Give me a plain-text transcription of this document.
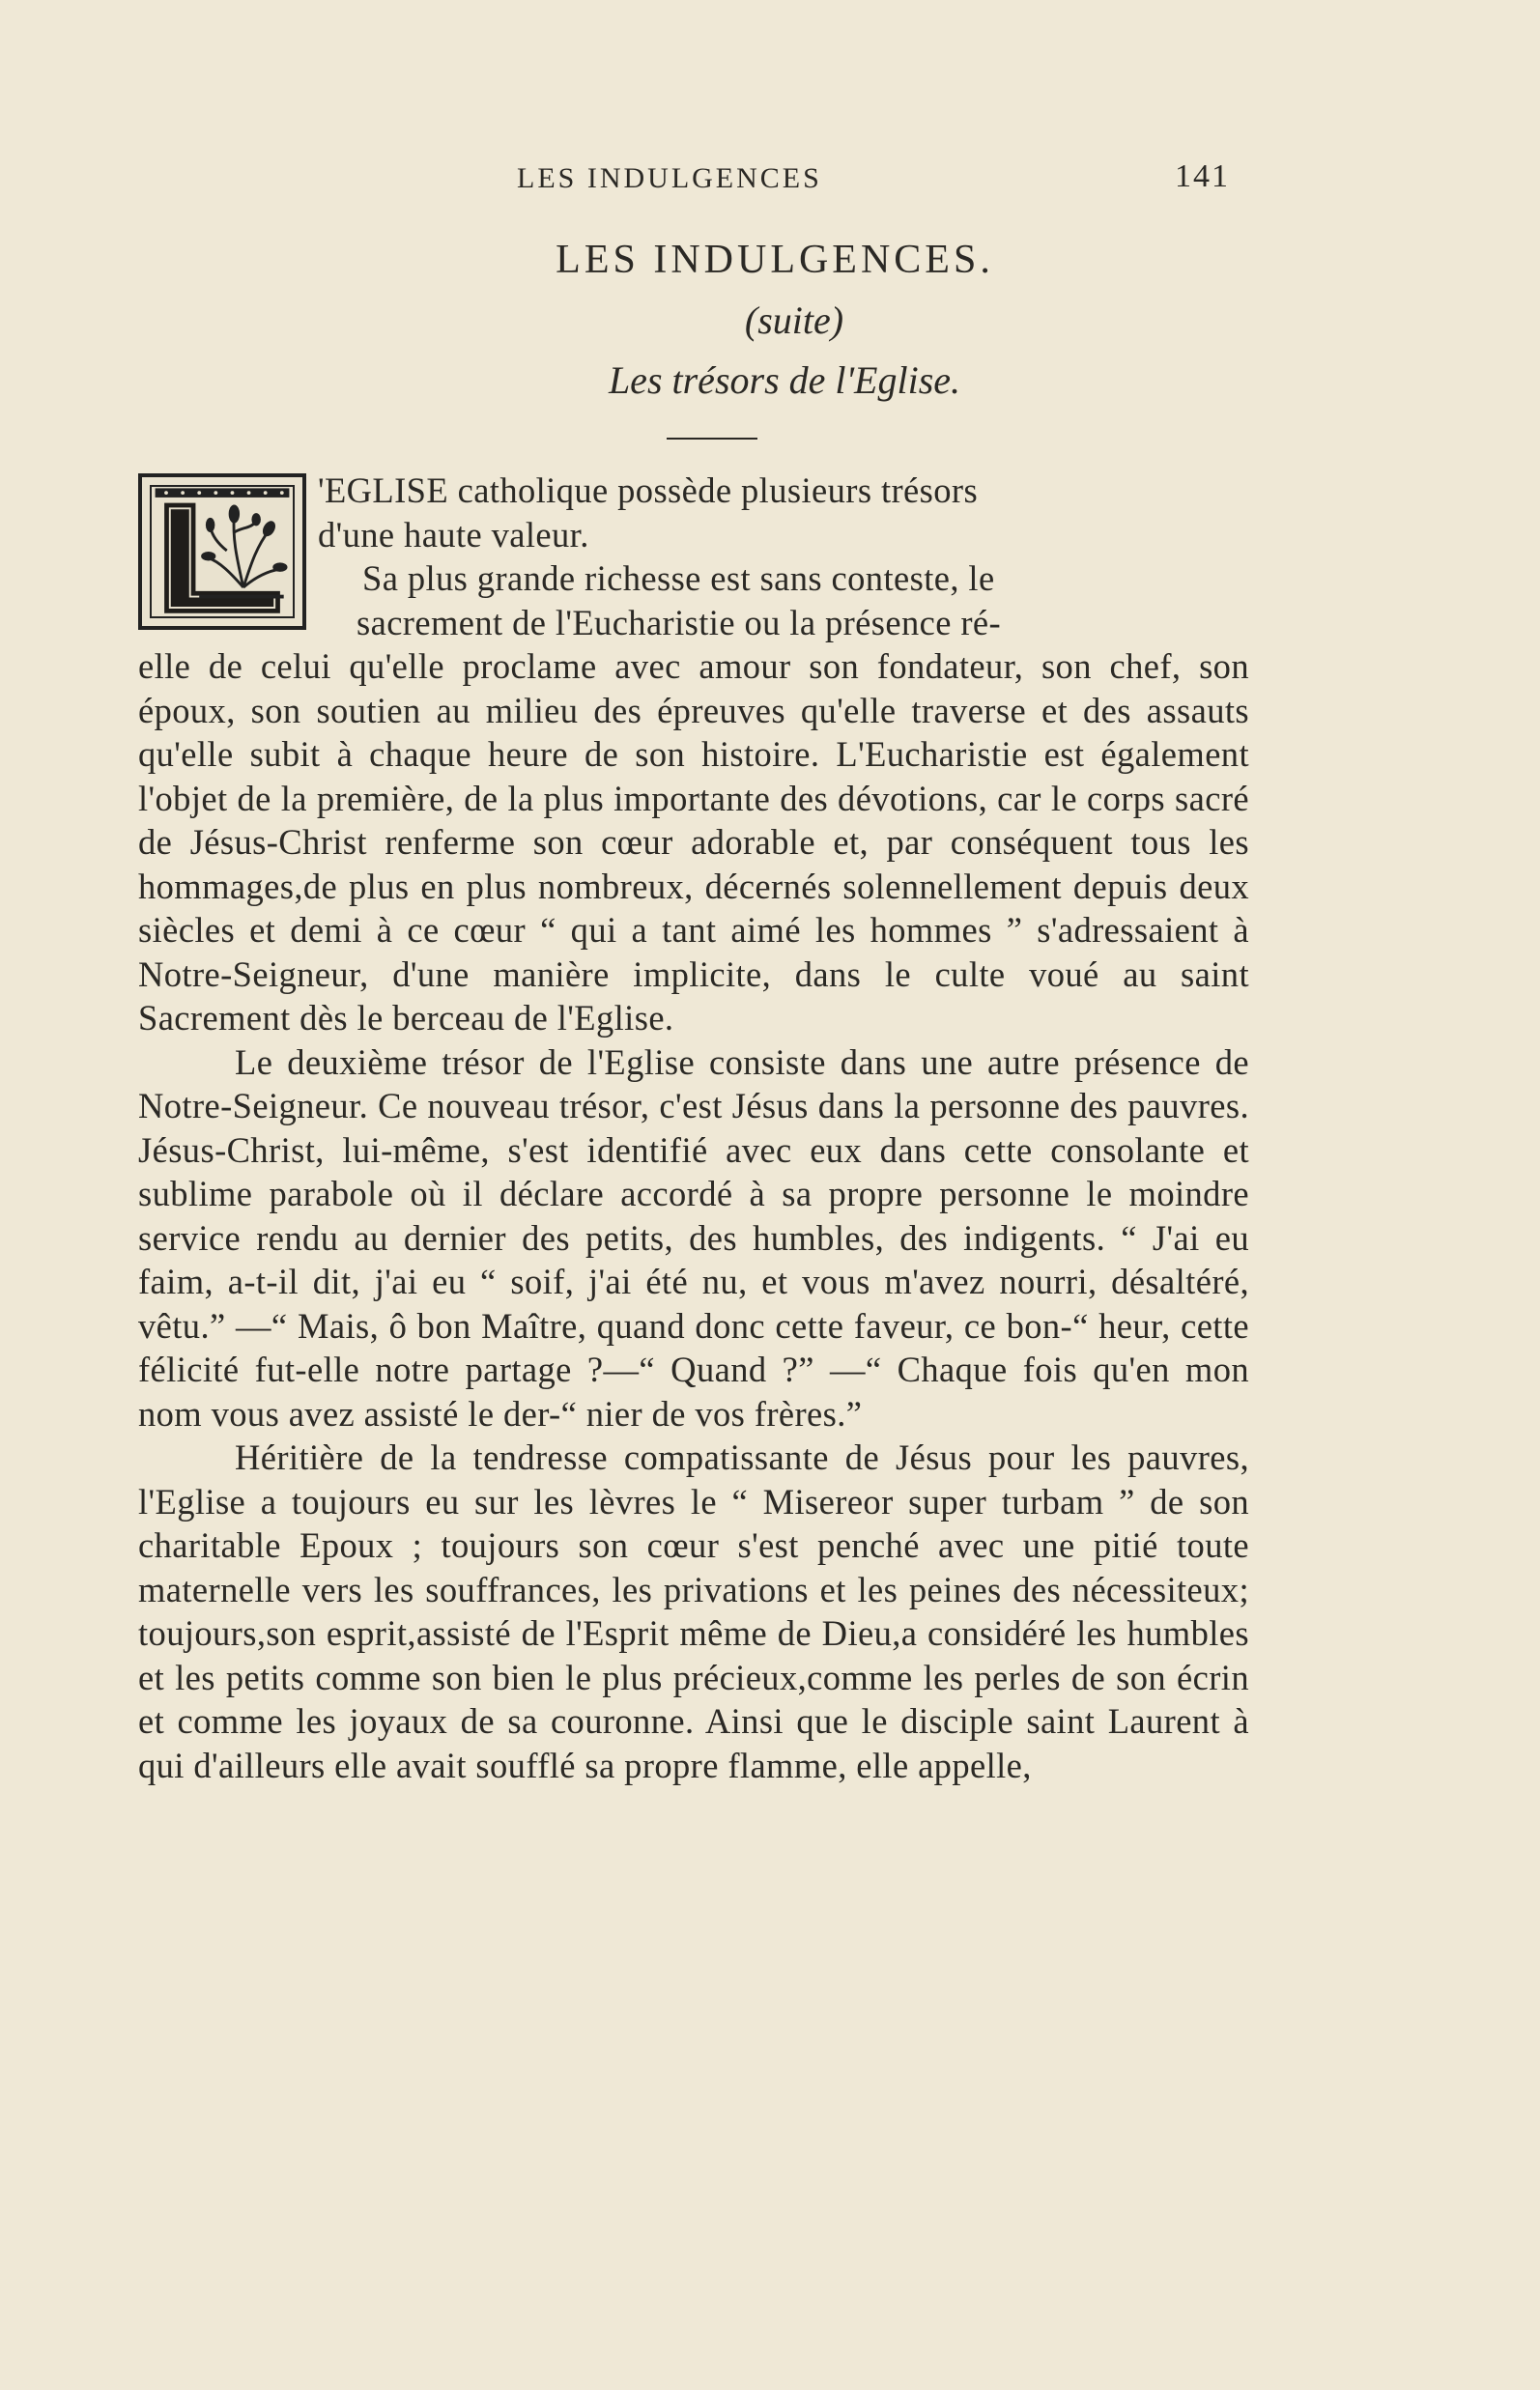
LES INDULGENCES	141
LES INDULGENCES.
(suite)
Les trésors de l'Eglise.

'EGLISE catholique possède plusieurs trésors

d'une haute valeur.

Sa plus grande richesse est sans conteste, le

sacrement de l'Eucharistie ou la présence ré-

elle de celui qu'elle proclame avec amour son fondateur, son chef, son époux, son soutien au milieu des épreuves qu'elle traverse et des assauts qu'elle subit à chaque heure de son histoire. L'Eucharistie est également l'objet de la première, de la plus importante des dévotions, car le corps sacré de Jésus-Christ renferme son cœur adorable et, par conséquent tous les hommages,de plus en plus nombreux, décernés solennellement depuis deux siècles et demi à ce cœur “ qui a tant aimé les hommes ” s'adressaient à Notre-Seigneur, d'une manière implicite, dans le culte voué au saint Sacrement dès le berceau de l'Eglise.

Le deuxième trésor de l'Eglise consiste dans une autre présence de Notre-Seigneur. Ce nouveau trésor, c'est Jésus dans la personne des pauvres. Jésus-Christ, lui-même, s'est identifié avec eux dans cette consolante et sublime parabole où il déclare accordé à sa propre personne le moindre service rendu au dernier des petits, des humbles, des indigents. “ J'ai eu faim, a-t-il dit, j'ai eu “ soif, j'ai été nu, et vous m'avez nourri, désaltéré, vêtu.” —“ Mais, ô bon Maître, quand donc cette faveur, ce bon-“ heur, cette félicité fut-elle notre partage ?—“ Quand ?” —“ Chaque fois qu'en mon nom vous avez assisté le der-“ nier de vos frères.”

Héritière de la tendresse compatissante de Jésus pour les pauvres, l'Eglise a toujours eu sur les lèvres le “ Misereor super turbam ” de son charitable Epoux ; toujours son cœur s'est penché avec une pitié toute maternelle vers les souffrances, les privations et les peines des nécessiteux; toujours,son esprit,assisté de l'Esprit même de Dieu,a considéré les humbles et les petits comme son bien le plus précieux,comme les perles de son écrin et comme les joyaux de sa couronne. Ainsi que le disciple saint Laurent à qui d'ailleurs elle avait soufflé sa propre flamme, elle appelle,
